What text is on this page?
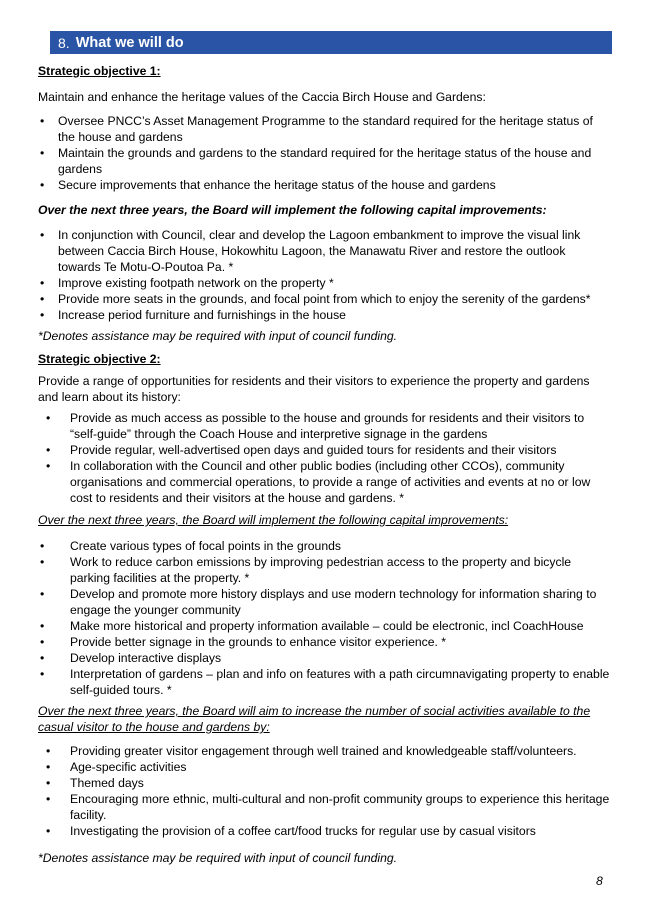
8. What we will do
Strategic objective 1:
Maintain and enhance the heritage values of the Caccia Birch House and Gardens:
• Oversee PNCC’s Asset Management Programme to the standard required for the heritage status of the house and gardens
• Maintain the grounds and gardens to the standard required for the heritage status of the house and gardens
• Secure improvements that enhance the heritage status of the house and gardens
Over the next three years, the Board will implement the following capital improvements:
• In conjunction with Council, clear and develop the Lagoon embankment to improve the visual link between Caccia Birch House, Hokowhitu Lagoon, the Manawatu River and restore the outlook towards Te Motu-O-Poutoa Pa. *
• Improve existing footpath network on the property *
• Provide more seats in the grounds, and focal point from which to enjoy the serenity of the gardens*
• Increase period furniture and furnishings in the house
*Denotes assistance may be required with input of council funding.
Strategic objective 2:
Provide a range of opportunities for residents and their visitors to experience the property and gardens and learn about its history:
• Provide as much access as possible to the house and grounds for residents and their visitors to “self-guide” through the Coach House and interpretive signage in the gardens
• Provide regular, well-advertised open days and guided tours for residents and their visitors
• In collaboration with the Council and other public bodies (including other CCOs), community organisations and commercial operations, to provide a range of activities and events at no or low cost to residents and their visitors at the house and gardens. *
Over the next three years, the Board will implement the following capital improvements:
• Create various types of focal points in the grounds
• Work to reduce carbon emissions by improving pedestrian access to the property and bicycle parking facilities at the property. *
• Develop and promote more history displays and use modern technology for information sharing to engage the younger community
• Make more historical and property information available – could be electronic, incl CoachHouse
• Provide better signage in the grounds to enhance visitor experience. *
• Develop interactive displays
• Interpretation of gardens – plan and info on features with a path circumnavigating property to enable self-guided tours. *
Over the next three years, the Board will aim to increase the number of social activities available to the casual visitor to the house and gardens by:
• Providing greater visitor engagement through well trained and knowledgeable staff/volunteers.
• Age-specific activities
• Themed days
• Encouraging more ethnic, multi-cultural and non-profit community groups to experience this heritage facility.
• Investigating the provision of a coffee cart/food trucks for regular use by casual visitors
*Denotes assistance may be required with input of council funding.
8
